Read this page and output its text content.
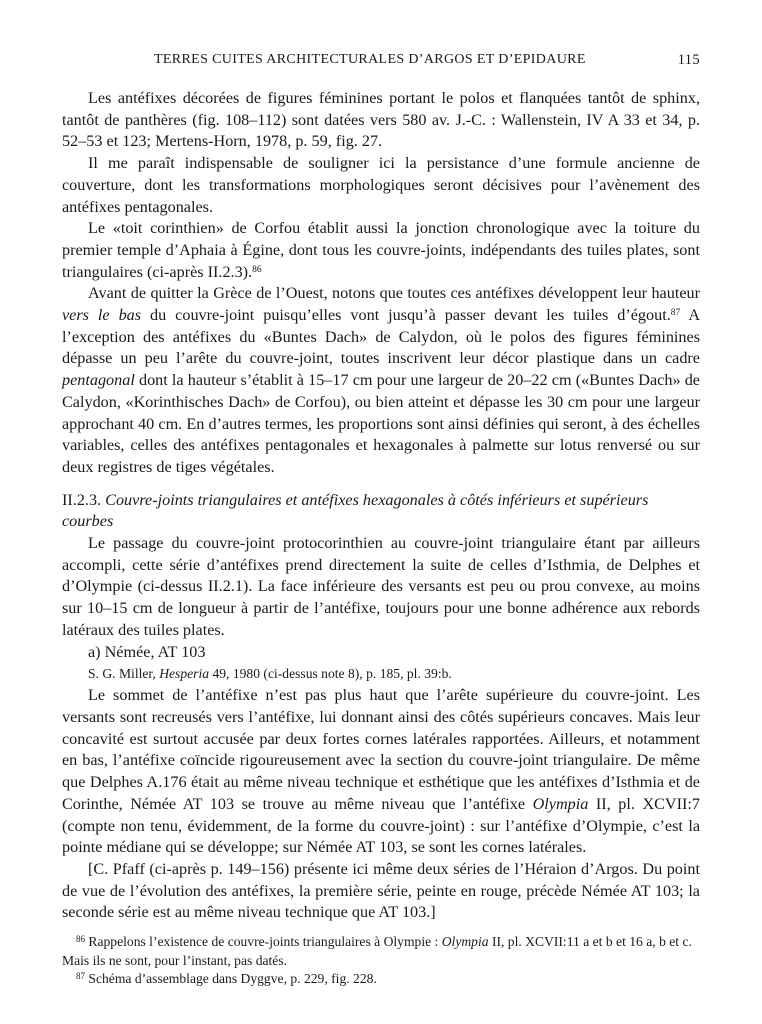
TERRES CUITES ARCHITECTURALES D’ARGOS ET D’EPIDAURE	115

Les antéfixes décorées de figures féminines portant le polos et flanquées tantôt de sphinx, tantôt de panthères (fig. 108–112) sont datées vers 580 av. J.-C. : Wallenstein, IV A 33 et 34, p. 52–53 et 123; Mertens-Horn, 1978, p. 59, fig. 27.

Il me paraît indispensable de souligner ici la persistance d’une formule ancienne de couverture, dont les transformations morphologiques seront décisives pour l’avènement des antéfixes pentagonales.

Le «toit corinthien» de Corfou établit aussi la jonction chronologique avec la toiture du premier temple d’Aphaia à Égine, dont tous les couvre-joints, indépendants des tuiles plates, sont triangulaires (ci-après II.2.3).$^{86}$

Avant de quitter la Grèce de l’Ouest, notons que toutes ces antéfixes développent leur hauteur vers le bas du couvre-joint puisqu’elles vont jusqu’à passer devant les tuiles d’égout.$^{87}$ A l’exception des antéfixes du «Buntes Dach» de Calydon, où le polos des figures féminines dépasse un peu l’arête du couvre-joint, toutes inscrivent leur décor plastique dans un cadre pentagonal dont la hauteur s’établit à 15–17 cm pour une largeur de 20–22 cm («Buntes Dach» de Calydon, «Korinthisches Dach» de Corfou), ou bien atteint et dépasse les 30 cm pour une largeur approchant 40 cm. En d’autres termes, les proportions sont ainsi définies qui seront, à des échelles variables, celles des antéfixes pentagonales et hexagonales à palmette sur lotus renversé ou sur deux registres de tiges végétales.

II.2.3. Couvre-joints triangulaires et antéfixes hexagonales à côtés inférieurs et supérieurs courbes

Le passage du couvre-joint protocorinthien au couvre-joint triangulaire étant par ailleurs accompli, cette série d’antéfixes prend directement la suite de celles d’Isthmia, de Delphes et d’Olympie (ci-dessus II.2.1). La face inférieure des versants est peu ou prou convexe, au moins sur 10–15 cm de longueur à partir de l’antéfixe, toujours pour une bonne adhérence aux rebords latéraux des tuiles plates.

a) Némée, AT 103

S. G. Miller, Hesperia 49, 1980 (ci-dessus note 8), p. 185, pl. 39:b.

Le sommet de l’antéfixe n’est pas plus haut que l’arête supérieure du couvre-joint. Les versants sont recreusés vers l’antéfixe, lui donnant ainsi des côtés supérieurs concaves. Mais leur concavité est surtout accusée par deux fortes cornes latérales rapportées. Ailleurs, et notamment en bas, l’antéfixe coïncide rigoureusement avec la section du couvre-joint triangulaire. De même que Delphes A.176 était au même niveau technique et esthétique que les antéfixes d’Isthmia et de Corinthe, Némée AT 103 se trouve au même niveau que l’antéfixe Olympia II, pl. XCVII:7 (compte non tenu, évidemment, de la forme du couvre-joint) : sur l’antéfixe d’Olympie, c’est la pointe médiane qui se développe; sur Némée AT 103, se sont les cornes latérales.

[C. Pfaff (ci-après p. 149–156) présente ici même deux séries de l’Héraion d’Argos. Du point de vue de l’évolution des antéfixes, la première série, peinte en rouge, précède Némée AT 103; la seconde série est au même niveau technique que AT 103.]

$^{86}$ Rappelons l’existence de couvre-joints triangulaires à Olympie : Olympia II, pl. XCVII:11 a et b et 16 a, b et c. Mais ils ne sont, pour l’instant, pas datés.

$^{87}$ Schéma d’assemblage dans Dyggve, p. 229, fig. 228.
